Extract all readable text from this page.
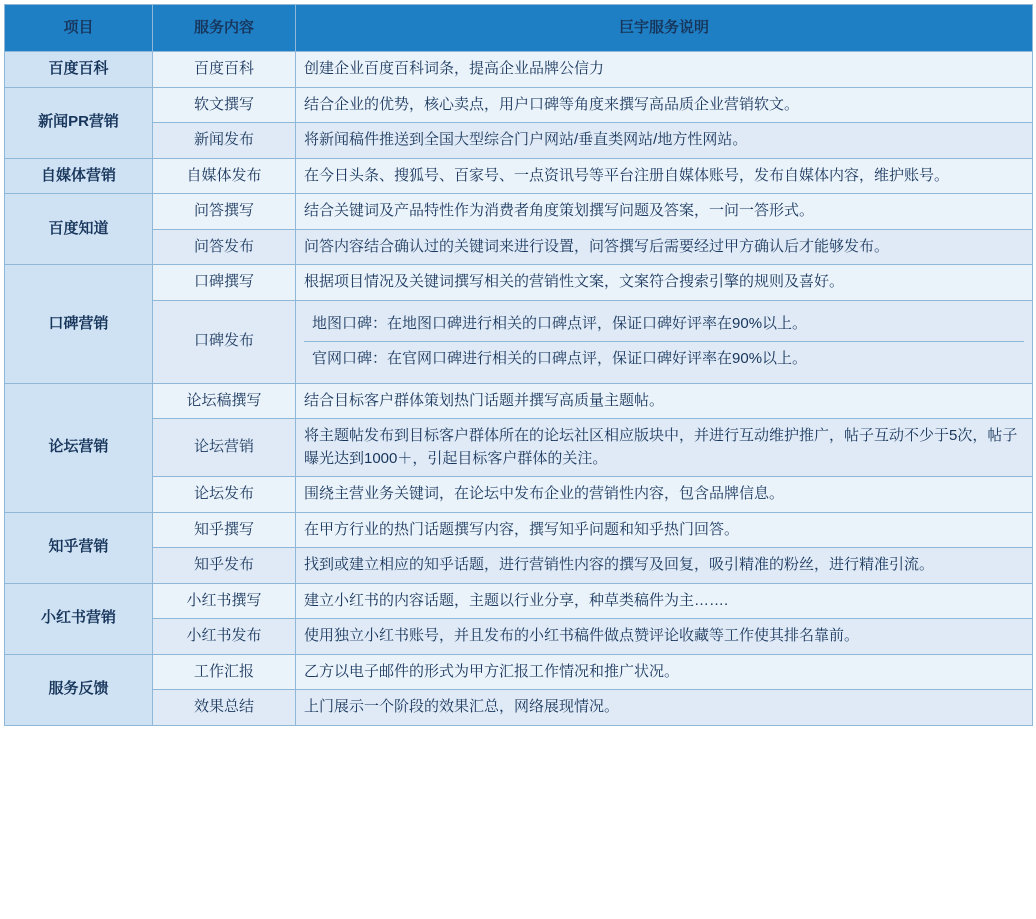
项目	服务内容	巨宇服务说明
百度百科	百度百科	创建企业百度百科词条，提高企业品牌公信力
新闻PR营销	软文撰写	结合企业的优势，核心卖点，用户口碑等角度来撰写高品质企业营销软文。
	新闻发布	将新闻稿件推送到全国大型综合门户网站/垂直类网站/地方性网站。
自媒体营销	自媒体发布	在今日头条、搜狐号、百家号、一点资讯号等平台注册自媒体账号，发布自媒体内容，维护账号。
百度知道	问答撰写	结合关键词及产品特性作为消费者角度策划撰写问题及答案，一问一答形式。
	问答发布	问答内容结合确认过的关键词来进行设置，问答撰写后需要经过甲方确认后才能够发布。
口碑营销	口碑撰写	根据项目情况及关键词撰写相关的营销性文案，文案符合搜索引擎的规则及喜好。
	口碑发布	地图口碑：在地图口碑进行相关的口碑点评，保证口碑好评率在90%以上。
官网口碑：在官网口碑进行相关的口碑点评，保证口碑好评率在90%以上。

论坛营销	论坛稿撰写	结合目标客户群体策划热门话题并撰写高质量主题帖。
	论坛营销	将主题帖发布到目标客户群体所在的论坛社区相应版块中，并进行互动维护推广，帖子互动不少于5次，帖子曝光达到1000＋，引起目标客户群体的关注。
	论坛发布	围绕主营业务关键词，在论坛中发布企业的营销性内容，包含品牌信息。
知乎营销	知乎撰写	在甲方行业的热门话题撰写内容，撰写知乎问题和知乎热门回答。
	知乎发布	找到或建立相应的知乎话题，进行营销性内容的撰写及回复，吸引精准的粉丝，进行精准引流。
小红书营销	小红书撰写	建立小红书的内容话题，主题以行业分享，种草类稿件为主…….
	小红书发布	使用独立小红书账号，并且发布的小红书稿件做点赞评论收藏等工作使其排名靠前。
服务反馈	工作汇报	乙方以电子邮件的形式为甲方汇报工作情况和推广状况。
	效果总结	上门展示一个阶段的效果汇总，网络展现情况。
